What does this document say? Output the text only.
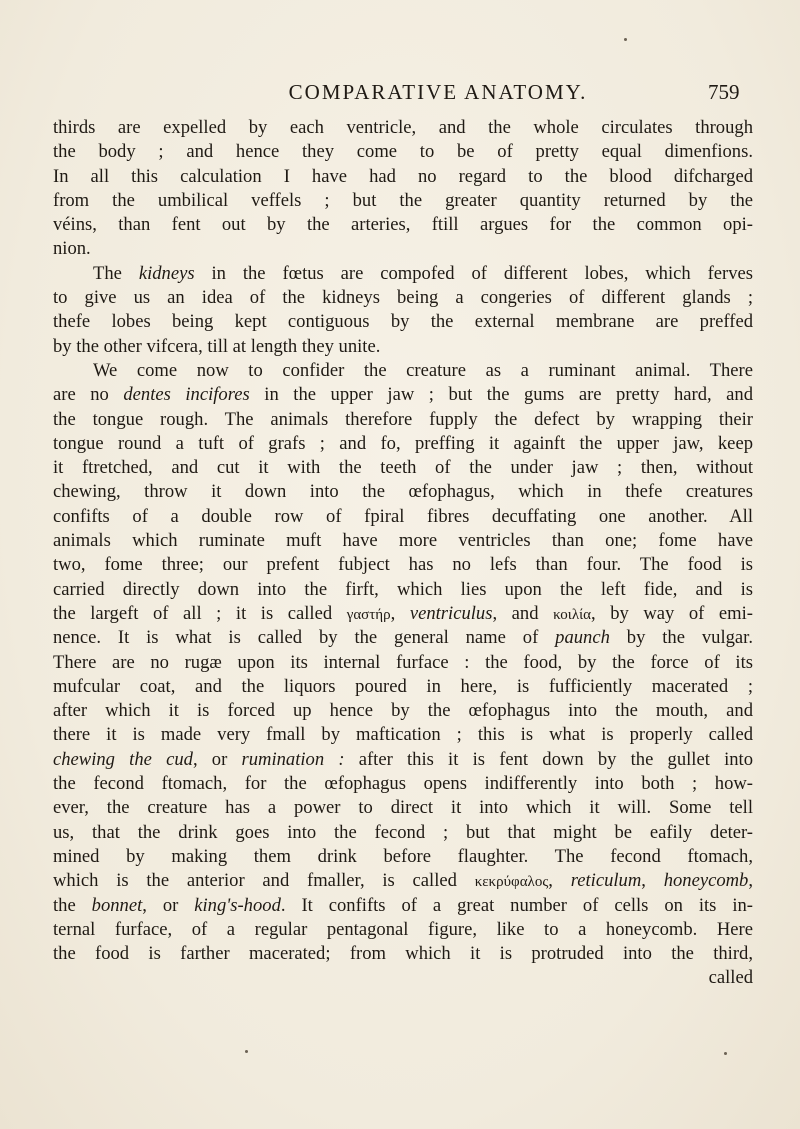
COMPARATIVE ANATOMY.	759
thirds are expelled by each ventricle, and the whole circulates through
the body ; and hence they come to be of pretty equal dimenfions.
In all this calculation I have had no regard to the blood difcharged
from the umbilical veffels ; but the greater quantity returned by the
véins, than fent out by the arteries, ftill argues for the common opi-
nion.
The kidneys in the fœtus are compofed of different lobes, which ferves
to give us an idea of the kidneys being a congeries of different glands ;
thefe lobes being kept contiguous by the external membrane are preffed
by the other vifcera, till at length they unite.
We come now to confider the creature as a ruminant animal. There
are no dentes incifores in the upper jaw ; but the gums are pretty hard, and
the tongue rough. The animals therefore fupply the defect by wrapping their
tongue round a tuft of grafs ; and fo, preffing it againft the upper jaw, keep
it ftretched, and cut it with the teeth of the under jaw ; then, without
chewing, throw it down into the œfophagus, which in thefe creatures
confifts of a double row of fpiral fibres decuffating one another. All
animals which ruminate muft have more ventricles than one; fome have
two, fome three; our prefent fubject has no lefs than four. The food is
carried directly down into the firft, which lies upon the left fide, and is
the largeft of all ; it is called γαστήρ, ventriculus, and κοιλία, by way of emi-
nence. It is what is called by the general name of paunch by the vulgar.
There are no rugæ upon its internal furface : the food, by the force of its
mufcular coat, and the liquors poured in here, is fufficiently macerated ;
after which it is forced up hence by the œfophagus into the mouth, and
there it is made very fmall by maftication ; this is what is properly called
chewing the cud, or rumination : after this it is fent down by the gullet into
the fecond ftomach, for the œfophagus opens indifferently into both ; how-
ever, the creature has a power to direct it into which it will. Some tell
us, that the drink goes into the fecond ; but that might be eafily deter-
mined by making them drink before flaughter. The fecond ftomach,
which is the anterior and fmaller, is called κεκρύφαλος, reticulum, honeycomb,
the bonnet, or king's-hood. It confifts of a great number of cells on its in-
ternal furface, of a regular pentagonal figure, like to a honeycomb. Here
the food is farther macerated; from which it is protruded into the third,
called
